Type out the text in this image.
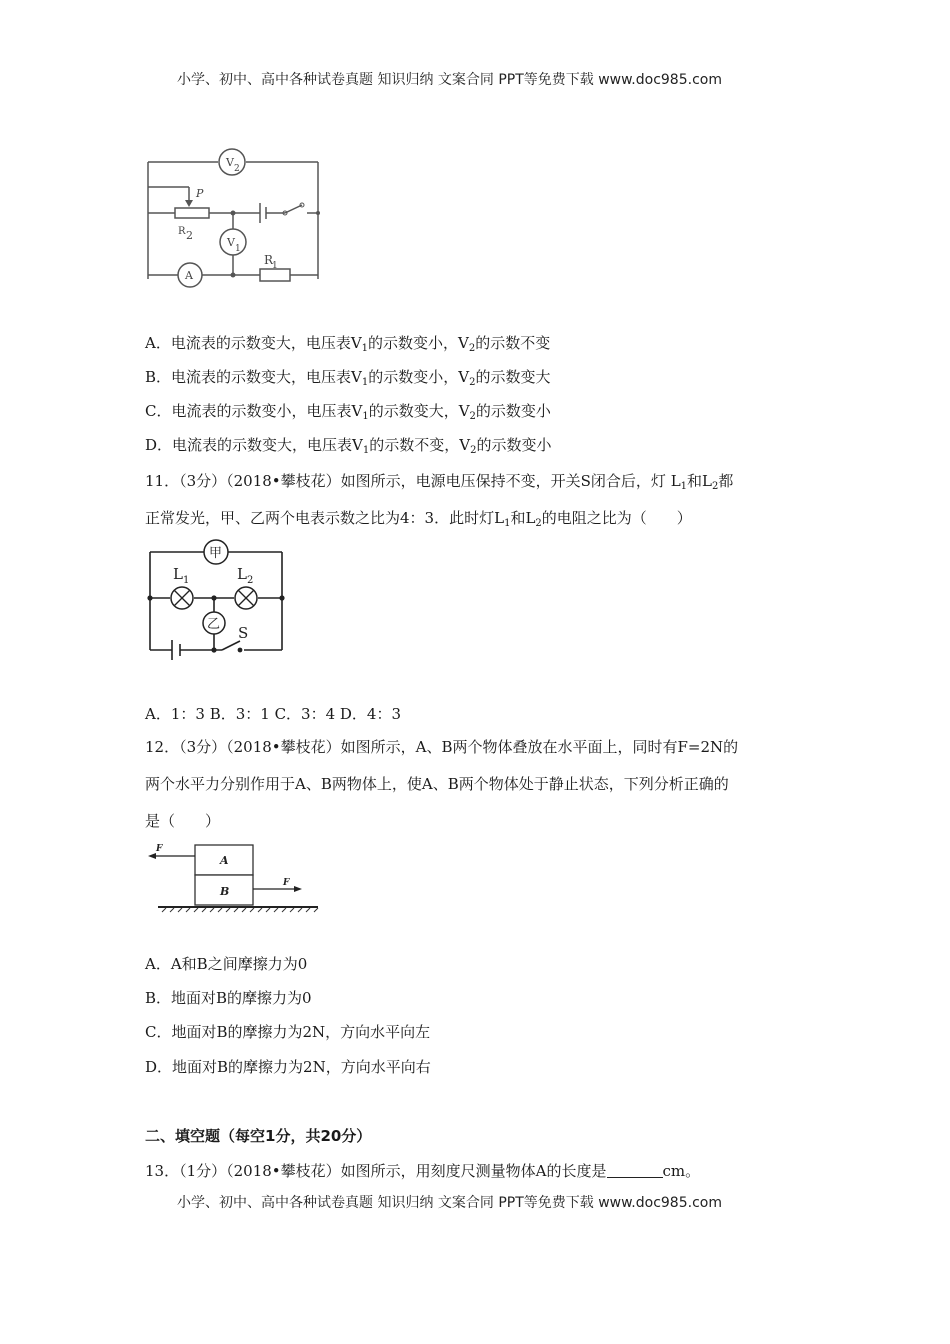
小学、初中、高中各种试卷真题 知识归纳 文案合同 PPT等免费下载 www.doc985.com
V 2
P
R 2
V 1
A
R
1
A．电流表的示数变大，电压表$V_1$的示数变小，$V_2$的示数不变
B．电流表的示数变大，电压表$V_1$的示数变小，$V_2$的示数变大
C．电流表的示数变小，电压表$V_1$的示数变大，$V_2$的示数变小
D．电流表的示数变大，电压表$V_1$的示数不变，$V_2$的示数变小
11．（3分）（2018•攀枝花）如图所示，电源电压保持不变，开关S闭合后，灯 $L_1$和$L_2$都
正常发光，甲、乙两个电表示数之比为4：3．此时灯$L_1$和$L_2$的电阻之比为（　　）
甲
乙
L 1	L 2
S
A．1：3 B．3：1 C．3：4 D．4：3
12．（3分）（2018•攀枝花）如图所示，A、B两个物体叠放在水平面上，同时有F=2N的
两个水平力分别作用于A、B两物体上，使A、B两个物体处于静止状态，下列分析正确的
是（　　）
A
B
F
F
A．A和B之间摩擦力为0
B．地面对B的摩擦力为0
C．地面对B的摩擦力为2N，方向水平向左
D．地面对B的摩擦力为2N，方向水平向右
二、填空题（每空1分，共20分）
13．（1分）（2018•攀枝花）如图所示，用刻度尺测量物体A的长度是	cm。
小学、初中、高中各种试卷真题 知识归纳 文案合同 PPT等免费下载 www.doc985.com
